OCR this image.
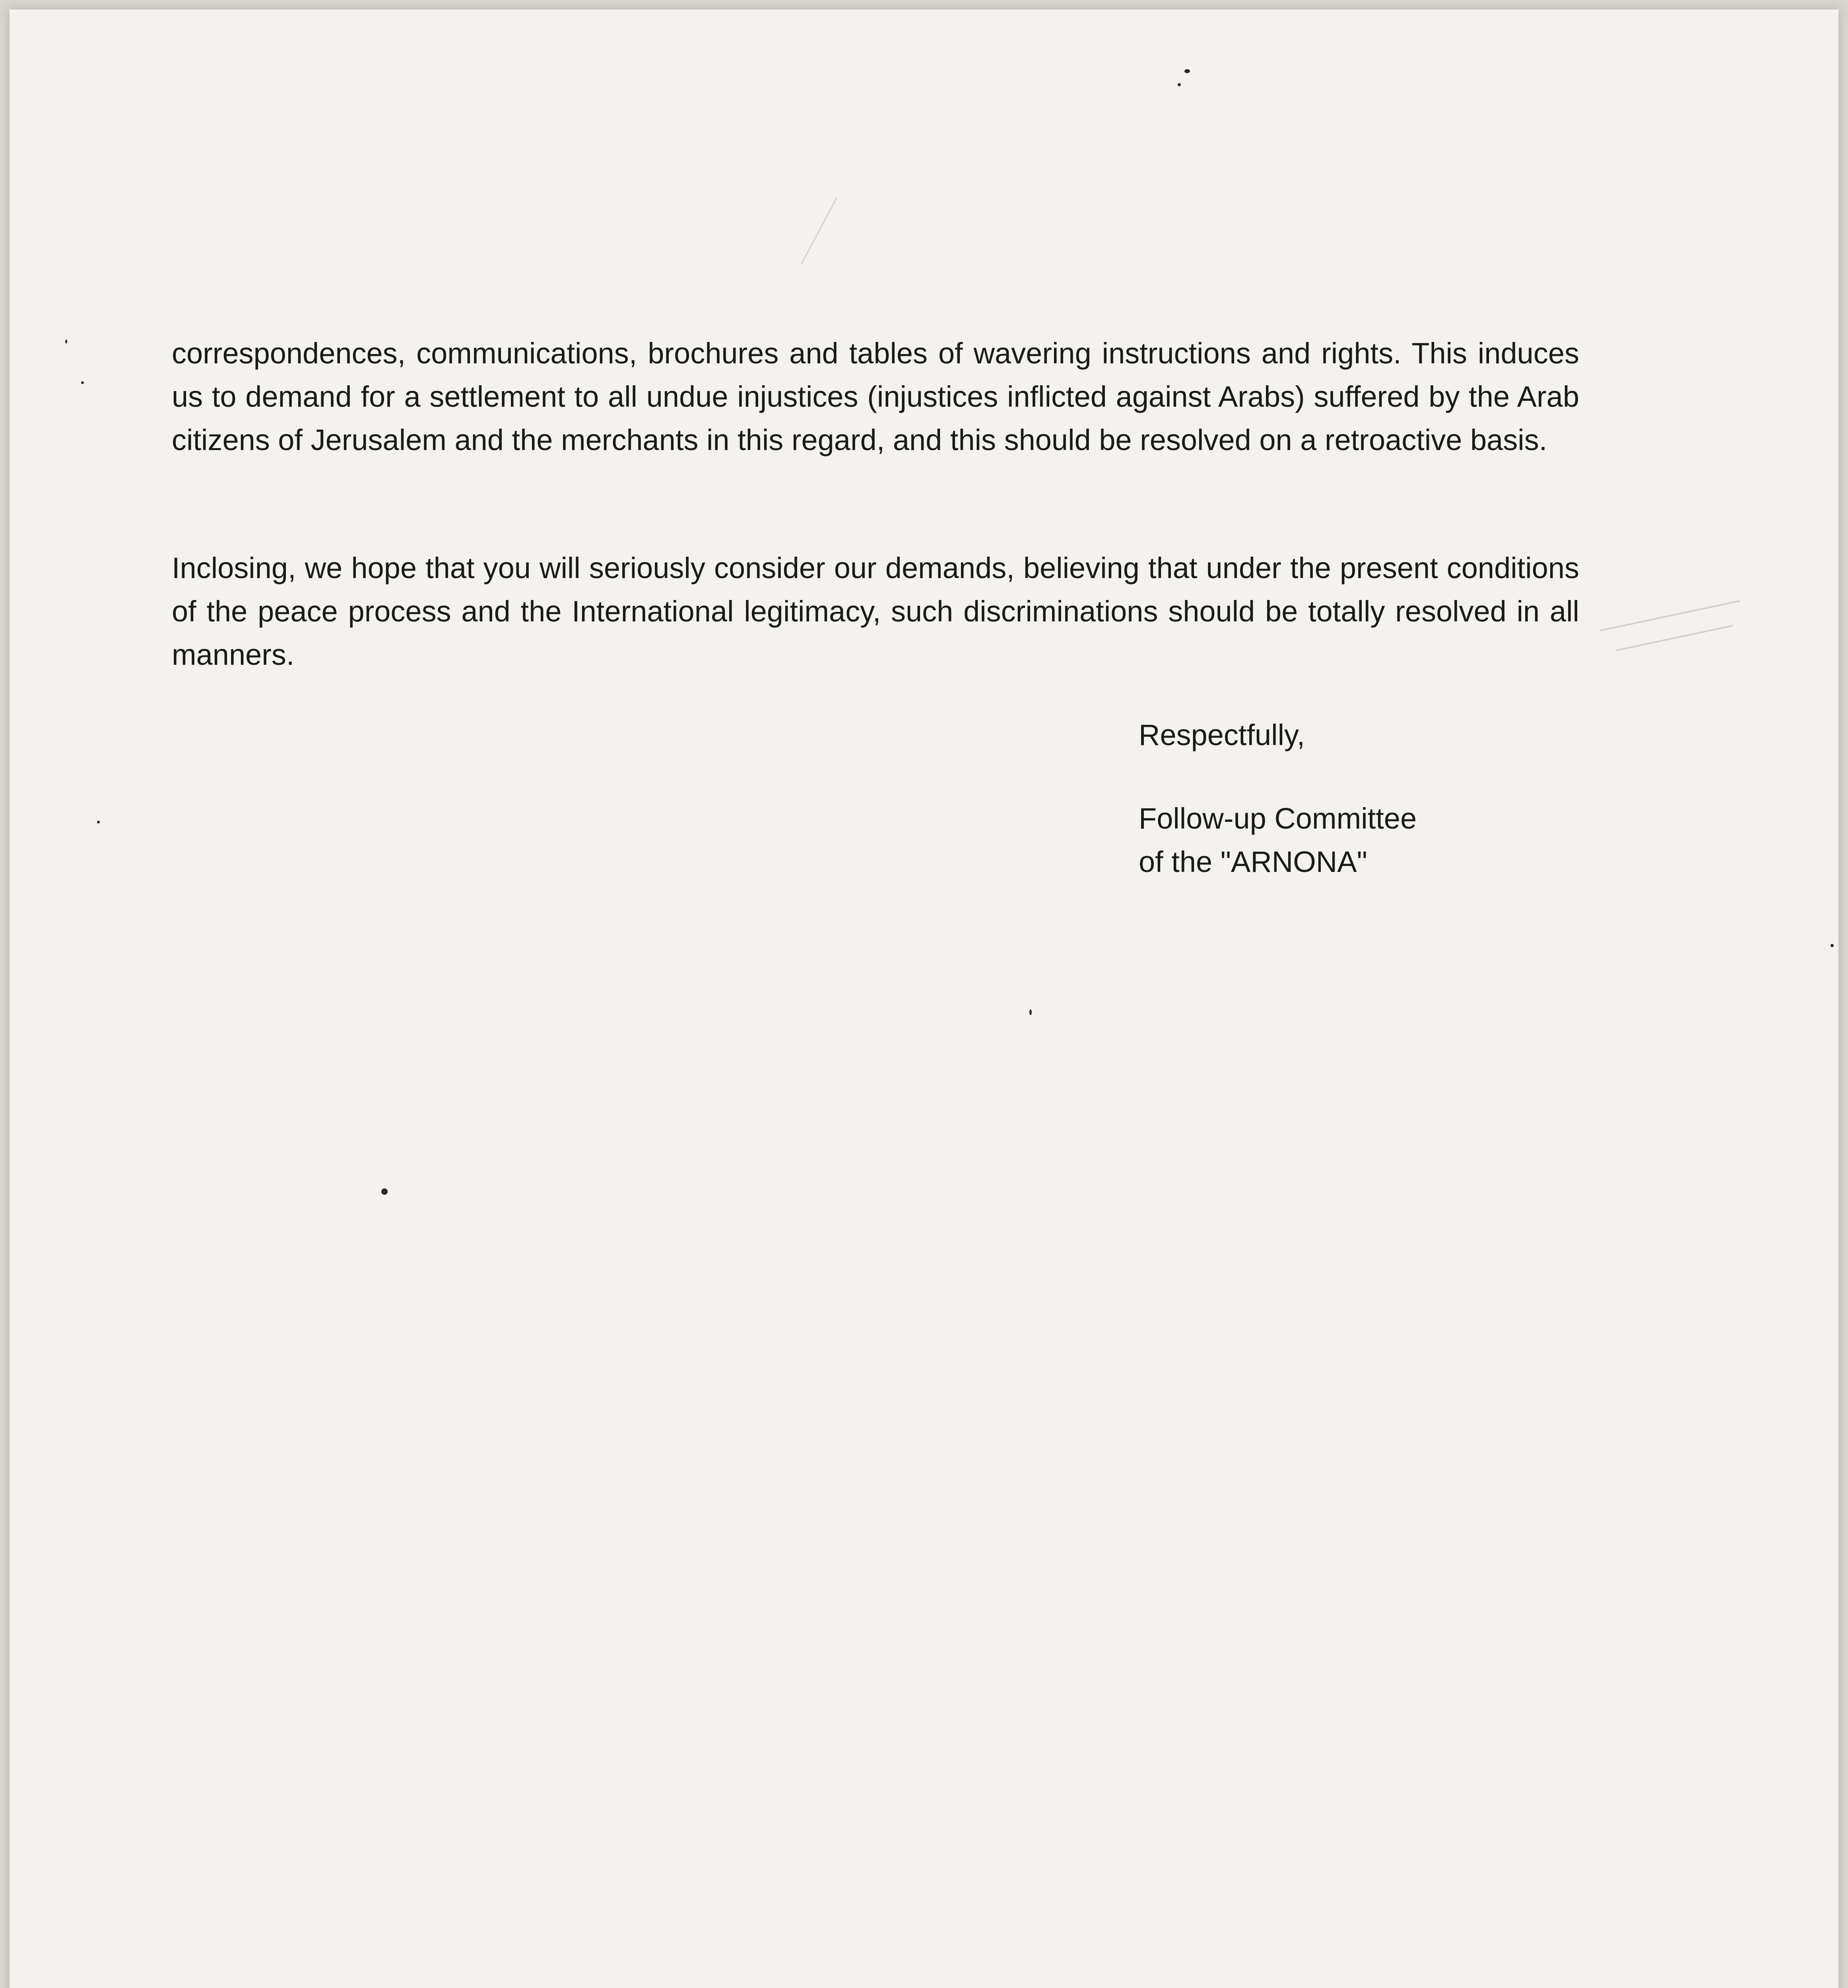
correspondences, communications, brochures and tables of wavering instructions and rights. This induces us to demand for a settlement to all undue injustices (injustices inflicted against Arabs) suffered by the Arab citizens of Jerusalem and the merchants in this regard, and this should be resolved on a retroactive basis.
Inclosing, we hope that you will seriously consider our demands, believing that under the present conditions of the peace process and the International legitimacy, such discriminations should be totally resolved in all manners.
Respectfully,
Follow-up Committee
of the "ARNONA"
